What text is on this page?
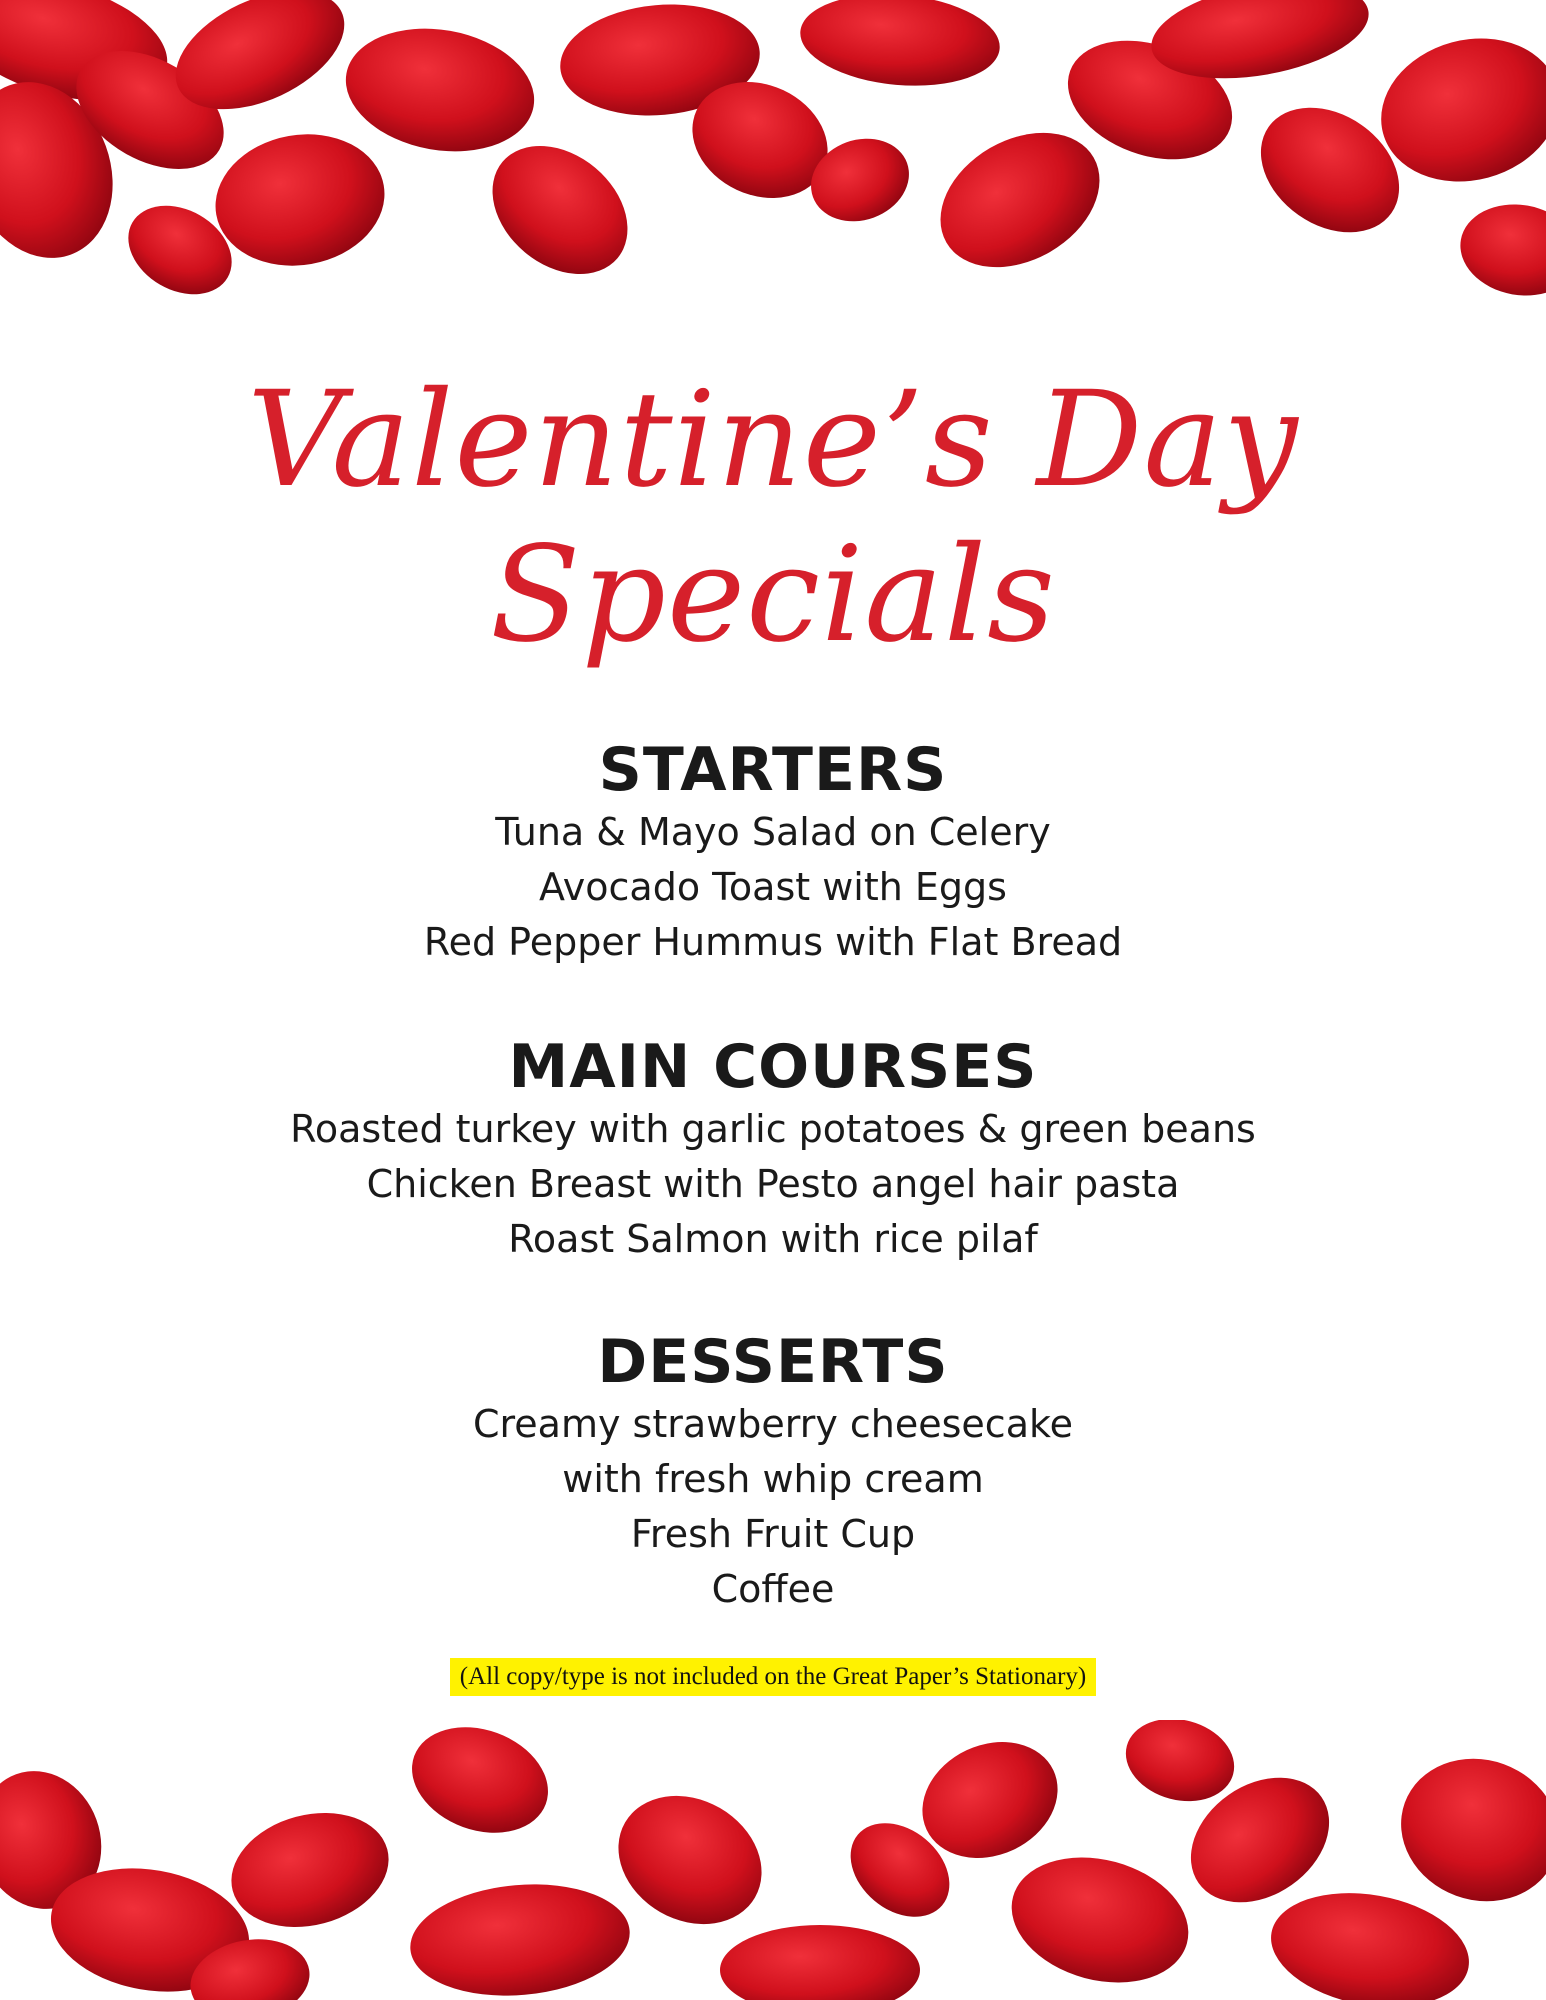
Valentine’s Day
Specials

STARTERS

Tuna & Mayo Salad on Celery

Avocado Toast with Eggs

Red Pepper Hummus with Flat Bread

MAIN COURSES

Roasted turkey with garlic potatoes & green beans

Chicken Breast with Pesto angel hair pasta

Roast Salmon with rice pilaf

DESSERTS

Creamy strawberry cheesecake

with fresh whip cream

Fresh Fruit Cup

Coffee

(All copy/type is not included on the Great Paper’s Stationary)
